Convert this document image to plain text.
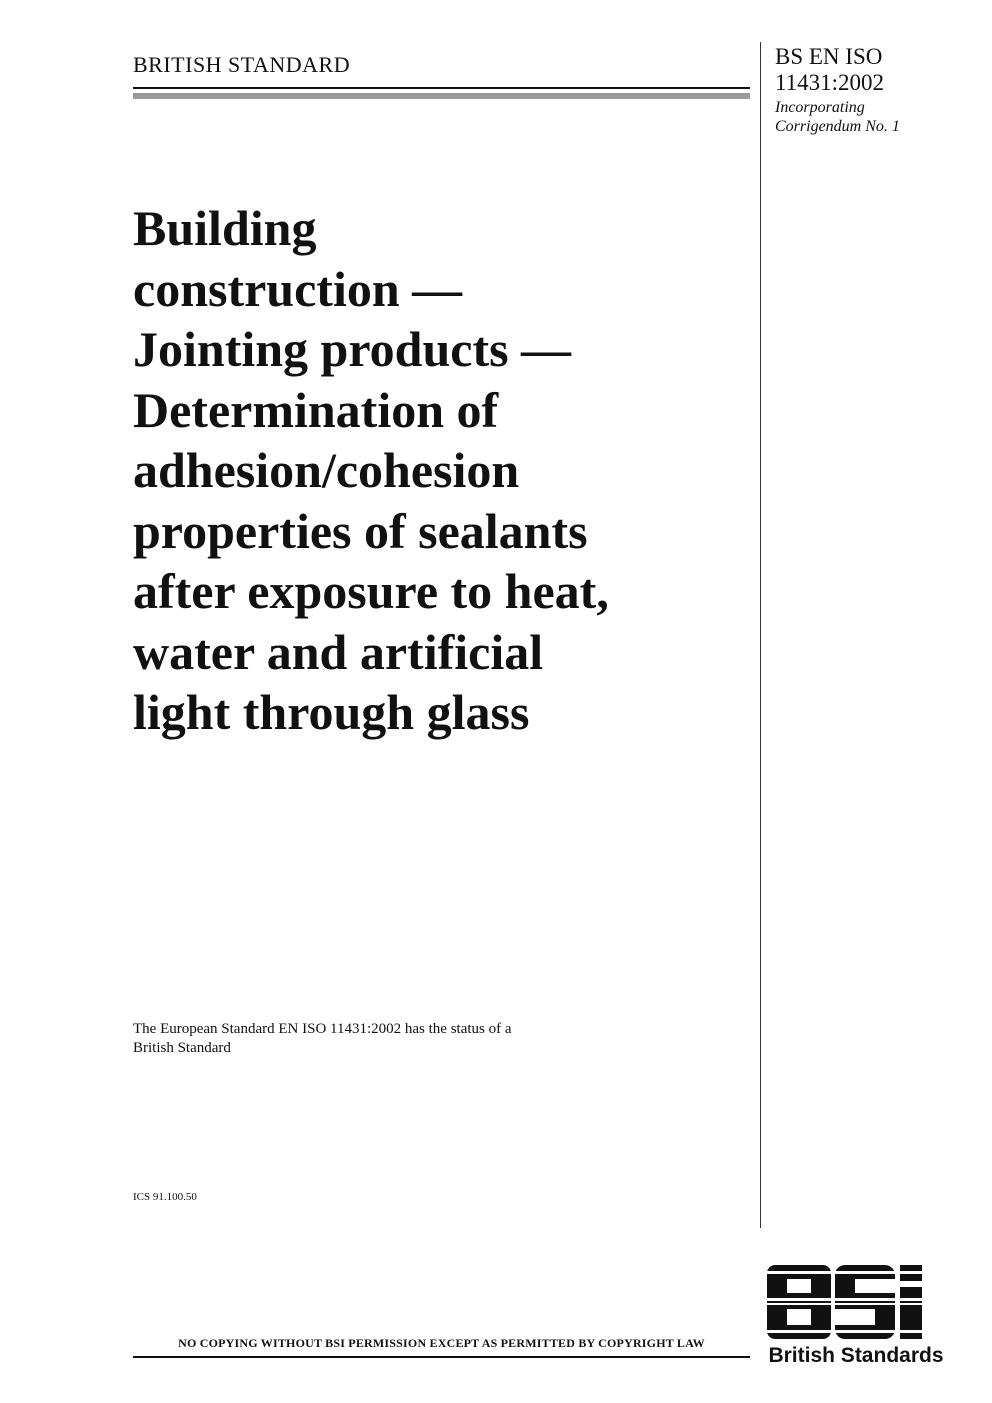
BRITISH STANDARD	BS EN ISO
11431:2002
Incorporating
Corrigendum No. 1
Building
construction —
Jointing products —
Determination of
adhesion/cohesion
properties of sealants
after exposure to heat,
water and artificial
light through glass
The European Standard EN ISO 11431:2002 has the status of a
British Standard
ICS 91.100.50
NO COPYING WITHOUT BSI PERMISSION EXCEPT AS PERMITTED BY COPYRIGHT LAW
British Standards
